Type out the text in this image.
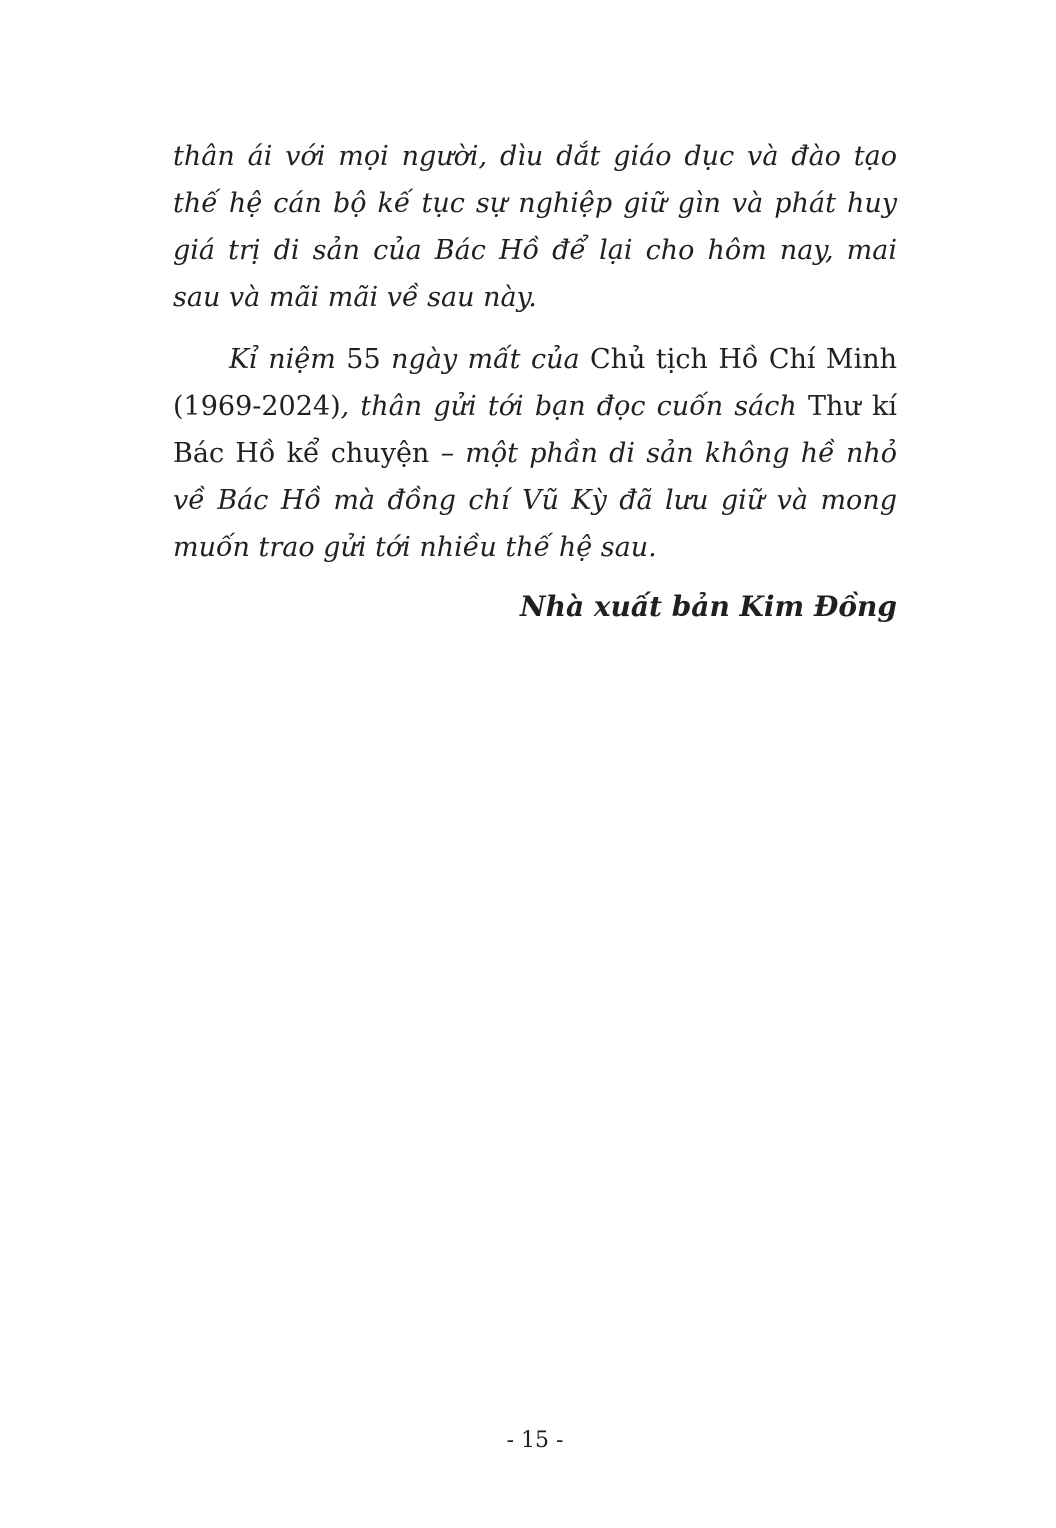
thân ái với mọi người, dìu dắt giáo dục và đào tạo
thế hệ cán bộ kế tục sự nghiệp giữ gìn và phát huy
giá trị di sản của Bác Hồ để lại cho hôm nay, mai
sau và mãi mãi về sau này.
Kỉ niệm 55 ngày mất của Chủ tịch Hồ Chí Minh
(1969-2024), thân gửi tới bạn đọc cuốn sách Thư kí
Bác Hồ kể chuyện – một phần di sản không hề nhỏ
về Bác Hồ mà đồng chí Vũ Kỳ đã lưu giữ và mong
muốn trao gửi tới nhiều thế hệ sau.
Nhà xuất bản Kim Đồng
- 15 -
